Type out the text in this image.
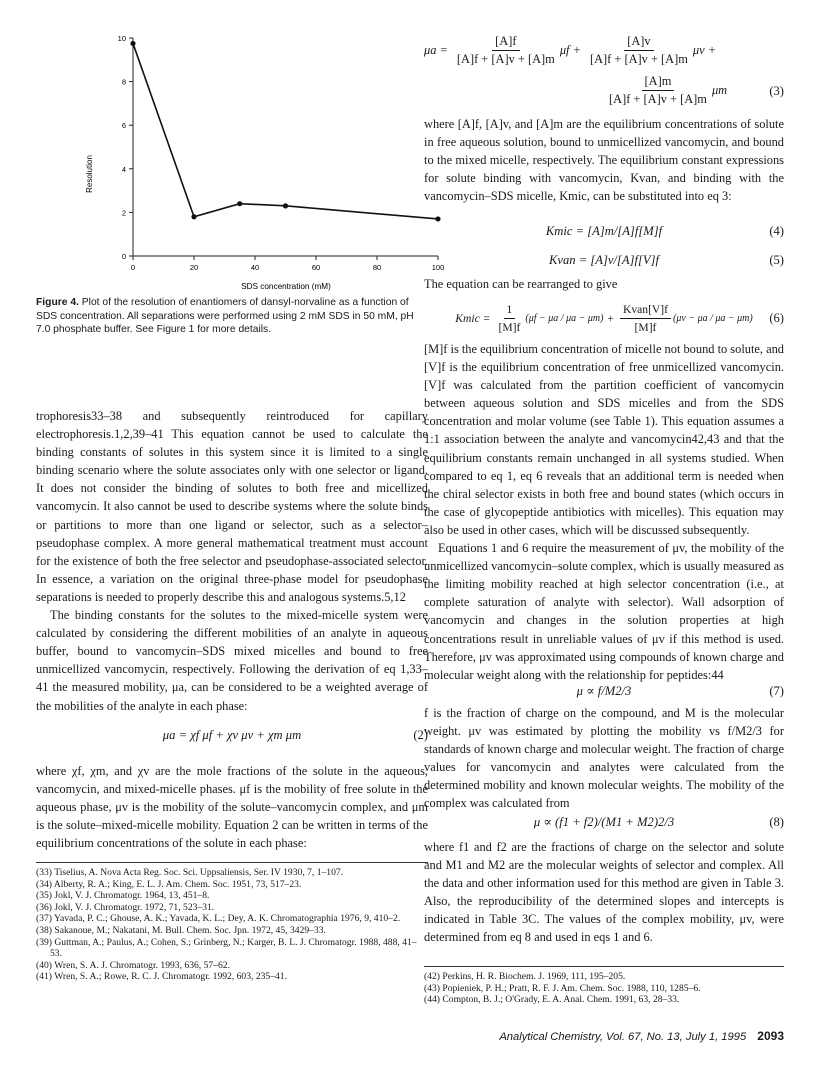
0
2
4
6
8
10
0	20	40	60	80	100
Resolution
SDS concentration (mM)
Figure 4. Plot of the resolution of enantiomers of dansyl-norvaline as a function of SDS concentration. All separations were performed using 2 mM SDS in 50 mM, pH 7.0 phosphate buffer. See Figure 1 for more details.

trophoresis33–38 and subsequently reintroduced for capillary electrophoresis.1,2,39–41 This equation cannot be used to calculate the binding constants of solutes in this system since it is limited to a single binding scenario where the solute associates only with one selector or ligand. It does not consider the binding of solutes to both free and micellized vancomycin. It also cannot be used to describe systems where the solute binds or partitions to more than one ligand or selector, such as a selector–pseudophase complex. A more general mathematical treatment must account for the existence of both the free selector and pseudophase-associated selector. In essence, a variation on the original three-phase model for pseudophase separations is needed to properly describe this and analogous systems.5,12

The binding constants for the solutes to the mixed-micelle system were calculated by considering the different mobilities of an analyte in aqueous buffer, bound to vancomycin–SDS mixed micelles and bound to free unmicellized vancomycin, respectively. Following the derivation of eq 1,33–41 the measured mobility, μa, can be considered to be a weighted average of the mobilities of the analyte in each phase:

μa = χf μf + χv μv + χm μm	(2)

where χf, χm, and χv are the mole fractions of the solute in the aqueous, vancomycin, and mixed-micelle phases. μf is the mobility of free solute in the aqueous phase, μv is the mobility of the solute–vancomycin complex, and μm is the solute–mixed-micelle mobility. Equation 2 can be written in terms of the equilibrium concentrations of the solute in each phase:

(33) Tiselius, A. Nova Acta Reg. Soc. Sci. Uppsaliensis, Ser. IV 1930, 7, 1–107.
(34) Alberty, R. A.; King, E. L. J. Am. Chem. Soc. 1951, 73, 517–23.
(35) Jokl, V. J. Chromatogr. 1964, 13, 451–8.
(36) Jokl, V. J. Chromatogr. 1972, 71, 523–31.
(37) Yavada, P. C.; Ghouse, A. K.; Yavada, K. L.; Dey, A. K. Chromatographia 1976, 9, 410–2.
(38) Sakanoue, M.; Nakatani, M. Bull. Chem. Soc. Jpn. 1972, 45, 3429–33.
(39) Guttman, A.; Paulus, A.; Cohen, S.; Grinberg, N.; Karger, B. L. J. Chromatogr. 1988, 488, 41–53.
(40) Wren, S. A. J. Chromatogr. 1993, 636, 57–62.
(41) Wren, S. A.; Rowe, R. C. J. Chromatogr. 1992, 603, 235–41.
$\mu a = \frac{[A]f}{[A]f + [A]v + [A]m}$ $\mu f + \frac{[A]v}{[A]f + [A]v + [A]m}$ μv +
$\frac{[A]m}{[A]f + [A]v + [A]m}$ μm	(3)

where [A]f, [A]v, and [A]m are the equilibrium concentrations of solute in free aqueous solution, bound to unmicellized vancomycin, and bound to the mixed micelle, respectively. The equilibrium constant expressions for solute binding with vancomycin, Kvan, and binding with the vancomycin–SDS micelle, Kmic, can be substituted into eq 3:

Kmic = [A]m/[A]f[M]f	(4)
Kvan = [A]v/[A]f[V]f	(5)

The equation can be rearranged to give

Kmic = $\frac{1}{[M]f} (\mu f - \mu a / \mu a - \mu m) + \frac{\text{Kvan[V]f}}{[M]f} (\mu v - \mu a / \mu a - \mu m)$ (6)

[M]f is the equilibrium concentration of micelle not bound to solute, and [V]f is the equilibrium concentration of free unmicellized vancomycin. [V]f was calculated from the partition coefficient of vancomycin between aqueous solution and SDS micelles and from the SDS concentration and molar volume (see Table 1). This equation assumes a 1:1 association between the analyte and vancomycin42,43 and that the equilibrium constants remain unchanged in all systems studied. When compared to eq 1, eq 6 reveals that an additional term is needed when the chiral selector exists in both free and bound states (which occurs in the case of glycopeptide antibiotics with micelles). This equation may also be used in other cases, which will be discussed subsequently.

Equations 1 and 6 require the measurement of μv, the mobility of the unmicellized vancomycin–solute complex, which is usually measured as the limiting mobility reached at high selector concentration (i.e., at complete saturation of analyte with selector). Wall adsorption of vancomycin and changes in the solution properties at high concentrations result in unreliable values of μv if this method is used. Therefore, μv was approximated using compounds of known charge and molecular weight along with the relationship for peptides:44

μ ∝ f/M2/3	(7)

f is the fraction of charge on the compound, and M is the molecular weight. μv was estimated by plotting the mobility vs f/M2/3 for standards of known charge and molecular weight. The fraction of charge values for vancomycin and analytes were calculated from the determined mobility and known molecular weights. The mobility of the complex was calculated from

μ ∝ (f1 + f2)/(M1 + M2)2/3	(8)

where f1 and f2 are the fractions of charge on the selector and solute and M1 and M2 are the molecular weights of selector and complex. All the data and other information used for this method are given in Table 3. Also, the reproducibility of the determined slopes and intercepts is indicated in Table 3C. The values of the complex mobility, μv, were determined from eq 8 and used in eqs 1 and 6.

(42) Perkins, H. R. Biochem. J. 1969, 111, 195–205.
(43) Popieniek, P. H.; Pratt, R. F. J. Am. Chem. Soc. 1988, 110, 1285–6.
(44) Compton, B. J.; O'Grady, E. A. Anal. Chem. 1991, 63, 28–33.
Analytical Chemistry, Vol. 67, No. 13, July 1, 1995 2093
